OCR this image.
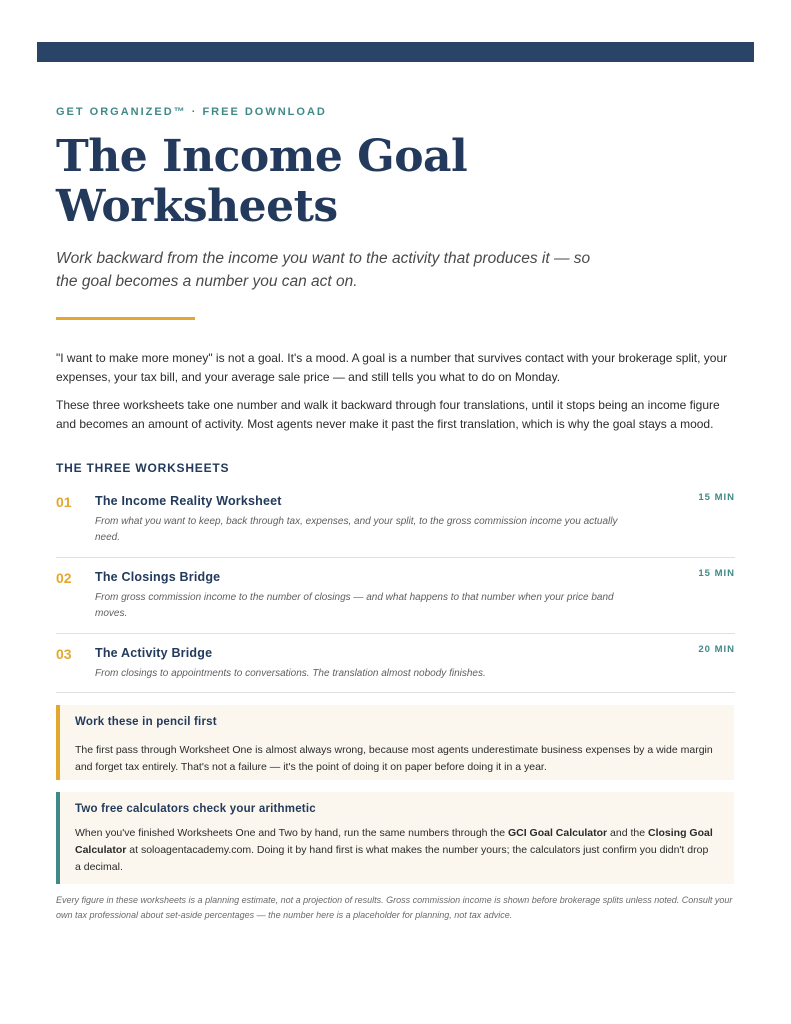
GET ORGANIZED™ · FREE DOWNLOAD
The Income Goal Worksheets

Work backward from the income you want to the activity that produces it — so the goal becomes a number you can act on.

"I want to make more money" is not a goal. It's a mood. A goal is a number that survives contact with your brokerage split, your expenses, your tax bill, and your average sale price — and still tells you what to do on Monday.

These three worksheets take one number and walk it backward through four translations, until it stops being an income figure and becomes an amount of activity. Most agents never make it past the first translation, which is why the goal stays a mood.

THE THREE WORKSHEETS
01 The Income Reality Worksheet	15 MIN

From what you want to keep, back through tax, expenses, and your split, to the gross commission income you actually need.

02 The Closings Bridge	15 MIN

From gross commission income to the number of closings — and what happens to that number when your price band moves.

03 The Activity Bridge	20 MIN

From closings to appointments to conversations. The translation almost nobody finishes.

Work these in pencil first

The first pass through Worksheet One is almost always wrong, because most agents underestimate business expenses by a wide margin and forget tax entirely. That's not a failure — it's the point of doing it on paper before doing it in a year.

Two free calculators check your arithmetic

When you've finished Worksheets One and Two by hand, run the same numbers through the GCI Goal Calculator and the Closing Goal Calculator at soloagentacademy.com. Doing it by hand first is what makes the number yours; the calculators just confirm you didn't drop a decimal.

Every figure in these worksheets is a planning estimate, not a projection of results. Gross commission income is shown before brokerage splits unless noted. Consult your own tax professional about set-aside percentages — the number here is a placeholder for planning, not tax advice.
